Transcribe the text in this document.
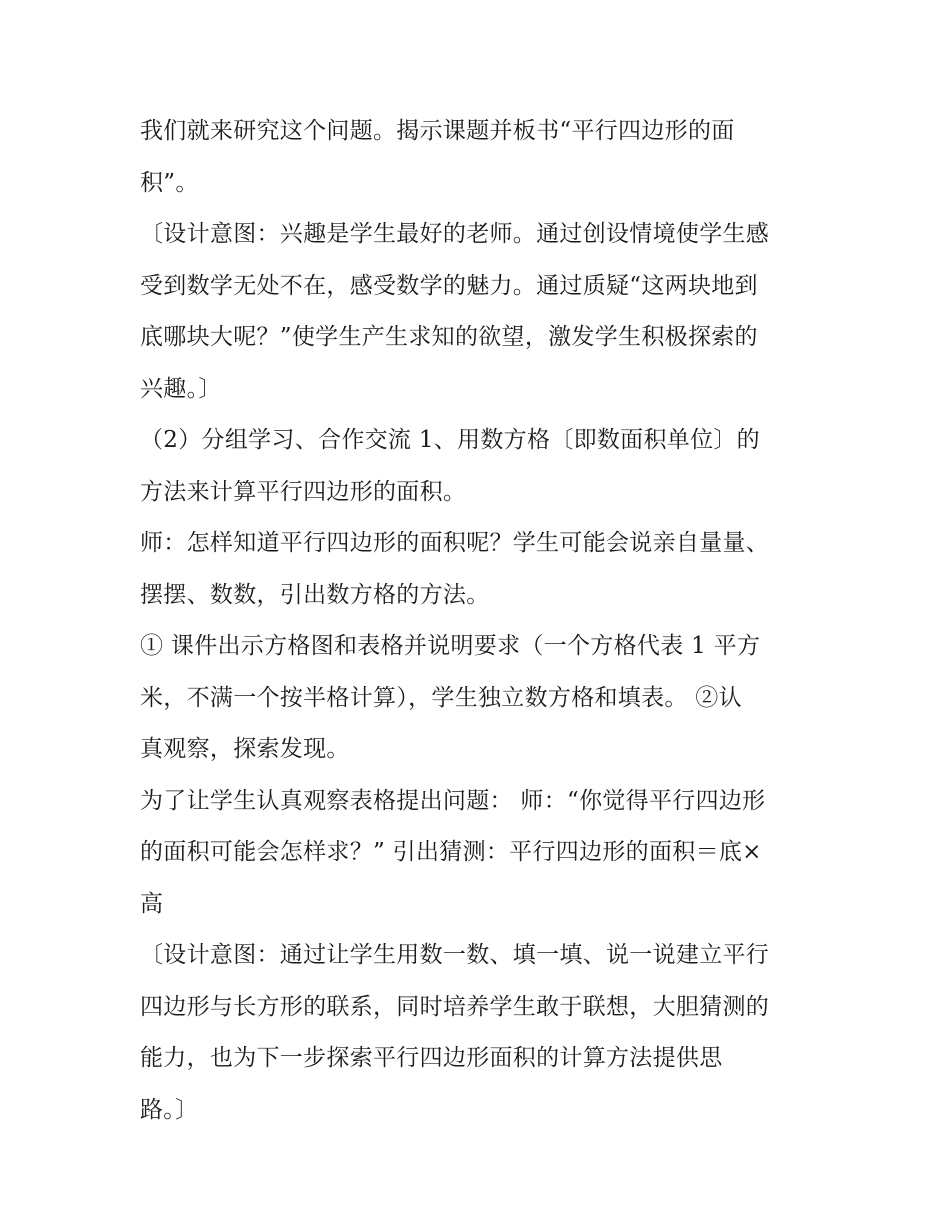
我们就来研究这个问题。揭示课题并板书“平行四边形的面
积”。
〔设计意图：兴趣是学生最好的老师。通过创设情境使学生感
受到数学无处不在，感受数学的魅力。通过质疑“这两块地到
底哪块大呢？”使学生产生求知的欲望，激发学生积极探索的
兴趣。〕
（2）分组学习、合作交流 1、用数方格〔即数面积单位〕的
方法来计算平行四边形的面积。
师：怎样知道平行四边形的面积呢？学生可能会说亲自量量、
摆摆、数数，引出数方格的方法。
① 课件出示方格图和表格并说明要求（一个方格代表 1 平方
米，不满一个按半格计算），学生独立数方格和填表。 ②认
真观察，探索发现。
为了让学生认真观察表格提出问题： 师：“你觉得平行四边形
的面积可能会怎样求？” 引出猜测：平行四边形的面积＝底×
高
〔设计意图：通过让学生用数一数、填一填、说一说建立平行
四边形与长方形的联系，同时培养学生敢于联想，大胆猜测的
能力，也为下一步探索平行四边形面积的计算方法提供思
路。〕
